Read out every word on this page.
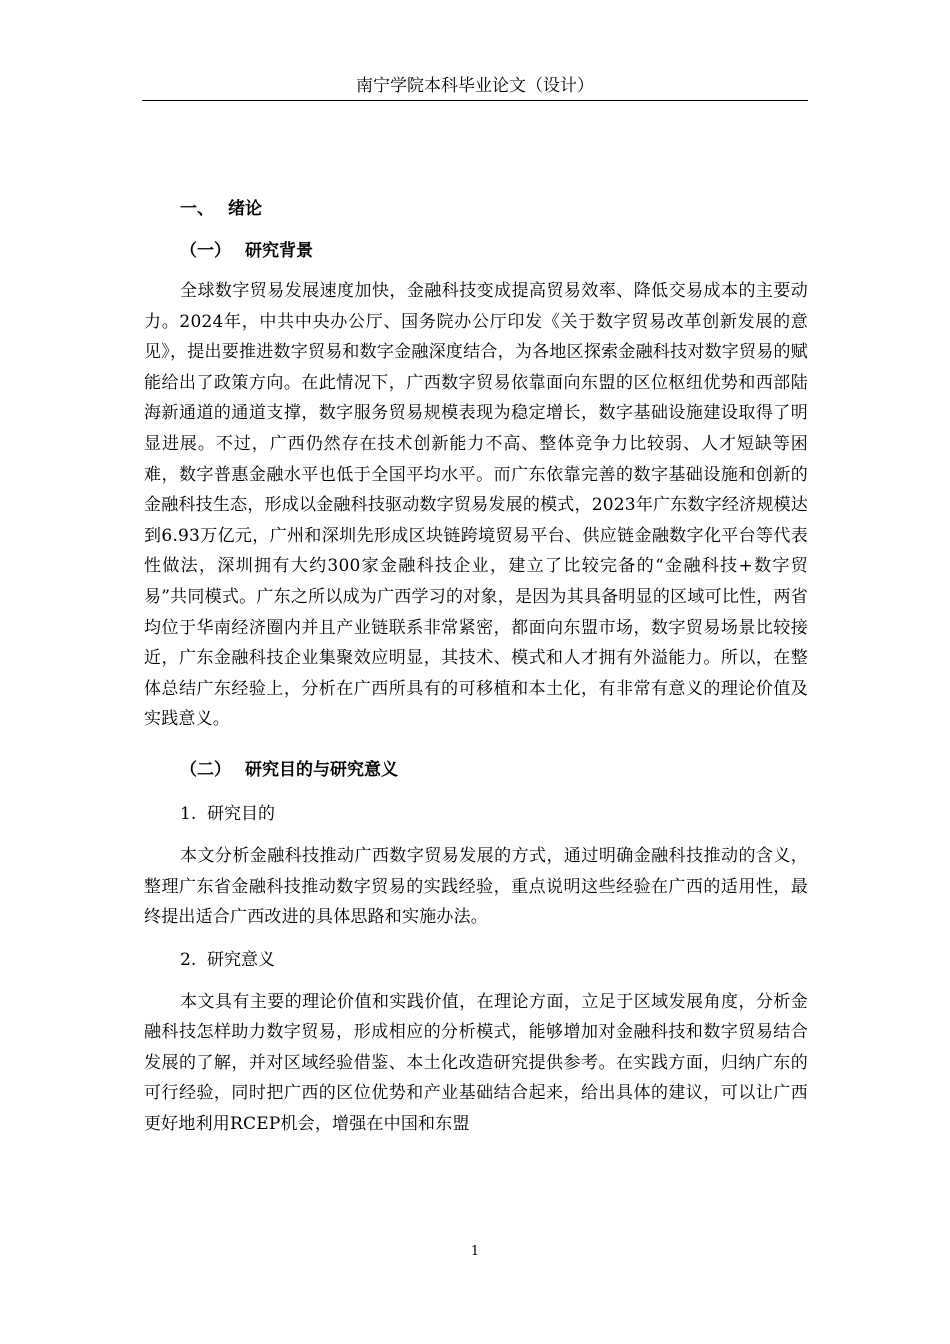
南宁学院本科毕业论文（设计）
一、 绪论
（一） 研究背景

全球数字贸易发展速度加快，金融科技变成提高贸易效率、降低交易成本的主要动力。2024年，中共中央办公厅、国务院办公厅印发《关于数字贸易改革创新发展的意见》，提出要推进数字贸易和数字金融深度结合，为各地区探索金融科技对数字贸易的赋能给出了政策方向。在此情况下，广西数字贸易依靠面向东盟的区位枢纽优势和西部陆海新通道的通道支撑，数字服务贸易规模表现为稳定增长，数字基础设施建设取得了明显进展。不过，广西仍然存在技术创新能力不高、整体竞争力比较弱、人才短缺等困难，数字普惠金融水平也低于全国平均水平。而广东依靠完善的数字基础设施和创新的金融科技生态，形成以金融科技驱动数字贸易发展的模式，2023年广东数字经济规模达到6.93万亿元，广州和深圳先形成区块链跨境贸易平台、供应链金融数字化平台等代表性做法，深圳拥有大约300家金融科技企业，建立了比较完备的“金融科技+数字贸易”共同模式。广东之所以成为广西学习的对象，是因为其具备明显的区域可比性，两省均位于华南经济圈内并且产业链联系非常紧密，都面向东盟市场，数字贸易场景比较接近，广东金融科技企业集聚效应明显，其技术、模式和人才拥有外溢能力。所以，在整体总结广东经验上，分析在广西所具有的可移植和本土化，有非常有意义的理论价值及实践意义。

（二） 研究目的与研究意义
1. 研究目的

本文分析金融科技推动广西数字贸易发展的方式，通过明确金融科技推动的含义，整理广东省金融科技推动数字贸易的实践经验，重点说明这些经验在广西的适用性，最终提出适合广西改进的具体思路和实施办法。

2. 研究意义

本文具有主要的理论价值和实践价值，在理论方面，立足于区域发展角度，分析金融科技怎样助力数字贸易，形成相应的分析模式，能够增加对金融科技和数字贸易结合发展的了解，并对区域经验借鉴、本土化改造研究提供参考。在实践方面，归纳广东的可行经验，同时把广西的区位优势和产业基础结合起来，给出具体的建议，可以让广西更好地利用RCEP机会，增强在中国和东盟

1
